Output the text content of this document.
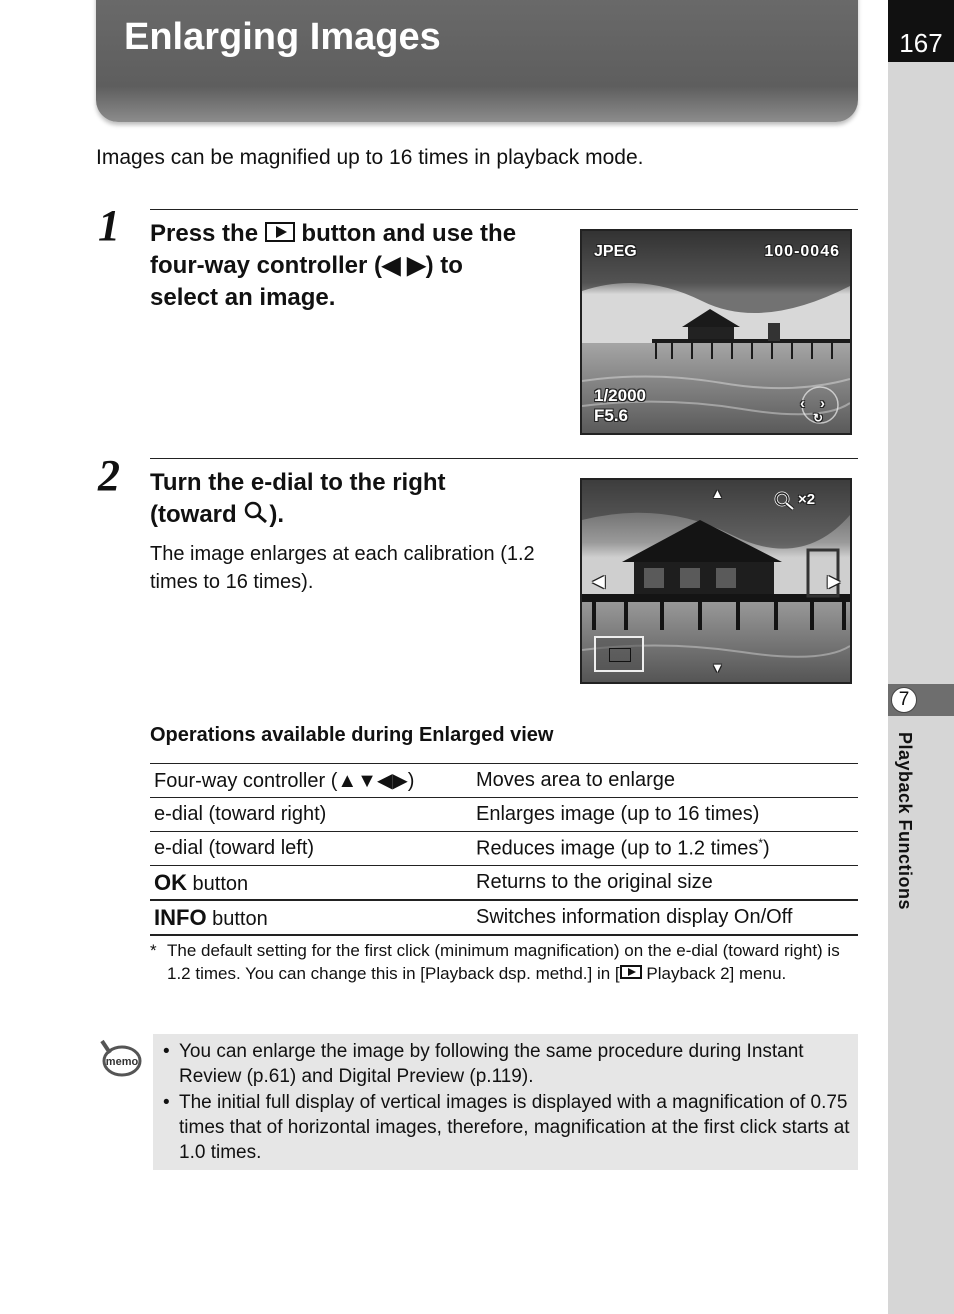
167
7
Playback Functions
Enlarging Images
Images can be magnified up to 16 times in playback mode.
1 Press the button and use the
four-way controller (◀ ▶) to
select an image.
JPEG	100-0046
1/2000
F5.6
‹ ›
↻
2 Turn the e-dial to the right
(toward ).
The image enlarges at each calibration (1.2 times to 16 times).
▲
▼
◀	▶
×2
Operations available during Enlarged view
Four-way controller (▲▼◀▶)	Moves area to enlarge
e-dial (toward right)	Enlarges image (up to 16 times)
e-dial (toward left)	Reduces image (up to 1.2 times*)
OK button	Returns to the original size
INFO button	Switches information display On/Off
* The default setting for the first click (minimum magnification) on the e-dial (toward right) is 1.2 times. You can change this in [Playback dsp. methd.] in [ Playback 2] menu.
memo • You can enlarge the image by following the same procedure during Instant Review (p.61) and Digital Preview (p.119).
• The initial full display of vertical images is displayed with a magnification of 0.75 times that of horizontal images, therefore, magnification at the first click starts at 1.0 times.
